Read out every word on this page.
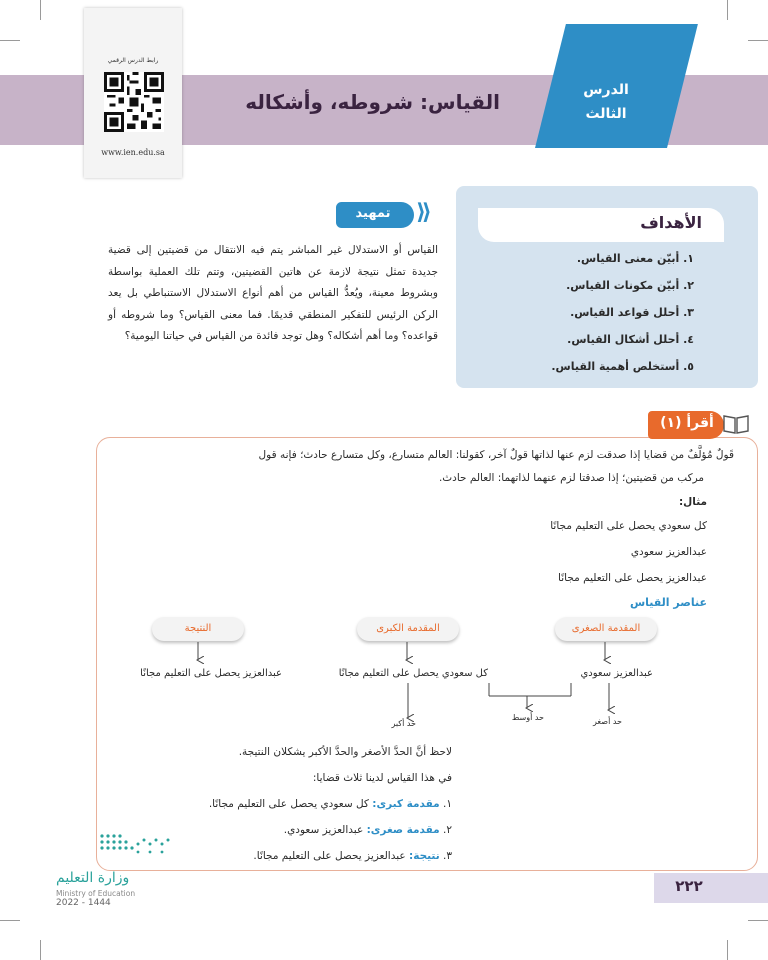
القياس: شروطه، وأشكاله	الدرس
الثالث
رابط الدرس الرقمي
www.ien.edu.sa
الأهداف
١. أبيّن معنى القياس.
٢. أبيّن مكونات القياس.
٣. أحلل قواعد القياس.
٤. أحلل أشكال القياس.
٥. أستخلص أهمية القياس.
تمهيد	⟫
القياس أو الاستدلال غير المباشر يتم فيه الانتقال من قضيتين إلى قضية جديدة تمثل نتيجة لازمة عن هاتين القضيتين، وتتم تلك العملية بواسطة وبشروط معينة، ويُعدُّ القياس من أهم أنواع الاستدلال الاستنباطي بل يعد الركن الرئيس للتفكير المنطقي قديمًا. فما معنى القياس؟ وما شروطه أو قواعده؟ وما أهم أشكاله؟ وهل توجد فائدة من القياس في حياتنا اليومية؟
أقرأ (١)
قَولٌ مُؤلَّفٌ من قضايا إذا صدقت لزم عنها لذاتها قولٌ آخر، كقولنا: العالم متسارع، وكل متسارع حادث؛ فإنه قول
مركب من قضيتين؛ إذا صدقتا لزم عنهما لذاتهما: العالم حادث.
مثال:
كل سعودي يحصل على التعليم مجانًا
عبدالعزيز سعودي
عبدالعزيز يحصل على التعليم مجانًا
عناصر القياس
المقدمة الصغرى
المقدمة الكبرى
النتيجة
عبدالعزيز سعودي
كل سعودي يحصل على التعليم مجانًا
عبدالعزيز يحصل على التعليم مجانًا
حد أصغر
حد أوسط
حد أكبر
لاحظ أنَّ الحدَّ الأصغر والحدَّ الأكبر يشكلان النتيجة.
في هذا القياس لدينا ثلاث قضايا:
١. مقدمة كبرى: كل سعودي يحصل على التعليم مجانًا.
٢. مقدمة صغرى: عبدالعزيز سعودي.
٣. نتيجة: عبدالعزيز يحصل على التعليم مجانًا.
وزارة التعليم
Ministry of Education
2022 - 1444
٢٢٢
